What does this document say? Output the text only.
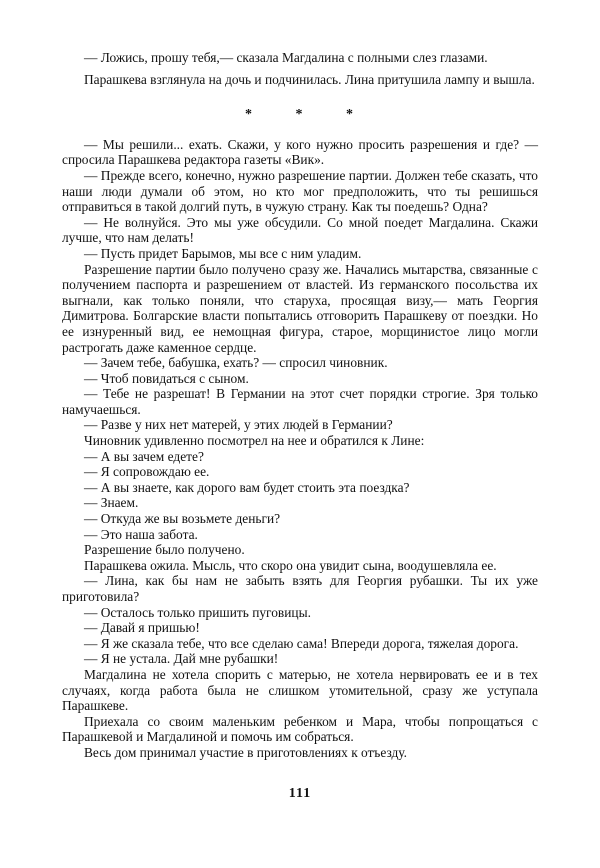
— Ложись, прошу тебя,— сказала Магдалина с полными слез глазами.

Парашкева взглянула на дочь и подчинилась. Лина притушила лампу и вышла.

* * *

— Мы решили... ехать. Скажи, у кого нужно просить разрешения и где? — спросила Парашкева редактора газеты «Вик».

— Прежде всего, конечно, нужно разрешение партии. Должен тебе сказать, что наши люди думали об этом, но кто мог предположить, что ты решишься отправиться в такой долгий путь, в чужую страну. Как ты поедешь? Одна?

— Не волнуйся. Это мы уже обсудили. Со мной поедет Магдалина. Скажи лучше, что нам делать!

— Пусть придет Барымов, мы все с ним уладим.

Разрешение партии было получено сразу же. Начались мытарства, связанные с получением паспорта и разрешением от властей. Из германского посольства их выгнали, как только поняли, что старуха, просящая визу,— мать Георгия Димитрова. Болгарские власти попытались отговорить Парашкеву от поездки. Но ее изнуренный вид, ее немощная фигура, старое, морщинистое лицо могли растрогать даже каменное сердце.

— Зачем тебе, бабушка, ехать? — спросил чиновник.

— Чтоб повидаться с сыном.

— Тебе не разрешат! В Германии на этот счет порядки строгие. Зря только намучаешься.

— Разве у них нет матерей, у этих людей в Германии?

Чиновник удивленно посмотрел на нее и обратился к Лине:

— А вы зачем едете?

— Я сопровождаю ее.

— А вы знаете, как дорого вам будет стоить эта поездка?

— Знаем.

— Откуда же вы возьмете деньги?

— Это наша забота.

Разрешение было получено.

Парашкева ожила. Мысль, что скоро она увидит сына, воодушевляла ее.

— Лина, как бы нам не забыть взять для Георгия рубашки. Ты их уже приготовила?

— Осталось только пришить пуговицы.

— Давай я пришью!

— Я же сказала тебе, что все сделаю сама! Впереди дорога, тяжелая дорога.

— Я не устала. Дай мне рубашки!

Магдалина не хотела спорить с матерью, не хотела нервировать ее и в тех случаях, когда работа была не слишком утомительной, сразу же уступала Парашкеве.

Приехала со своим маленьким ребенком и Мара, чтобы попрощаться с Парашкевой и Магдалиной и помочь им собраться.

Весь дом принимал участие в приготовлениях к отъезду.

111
